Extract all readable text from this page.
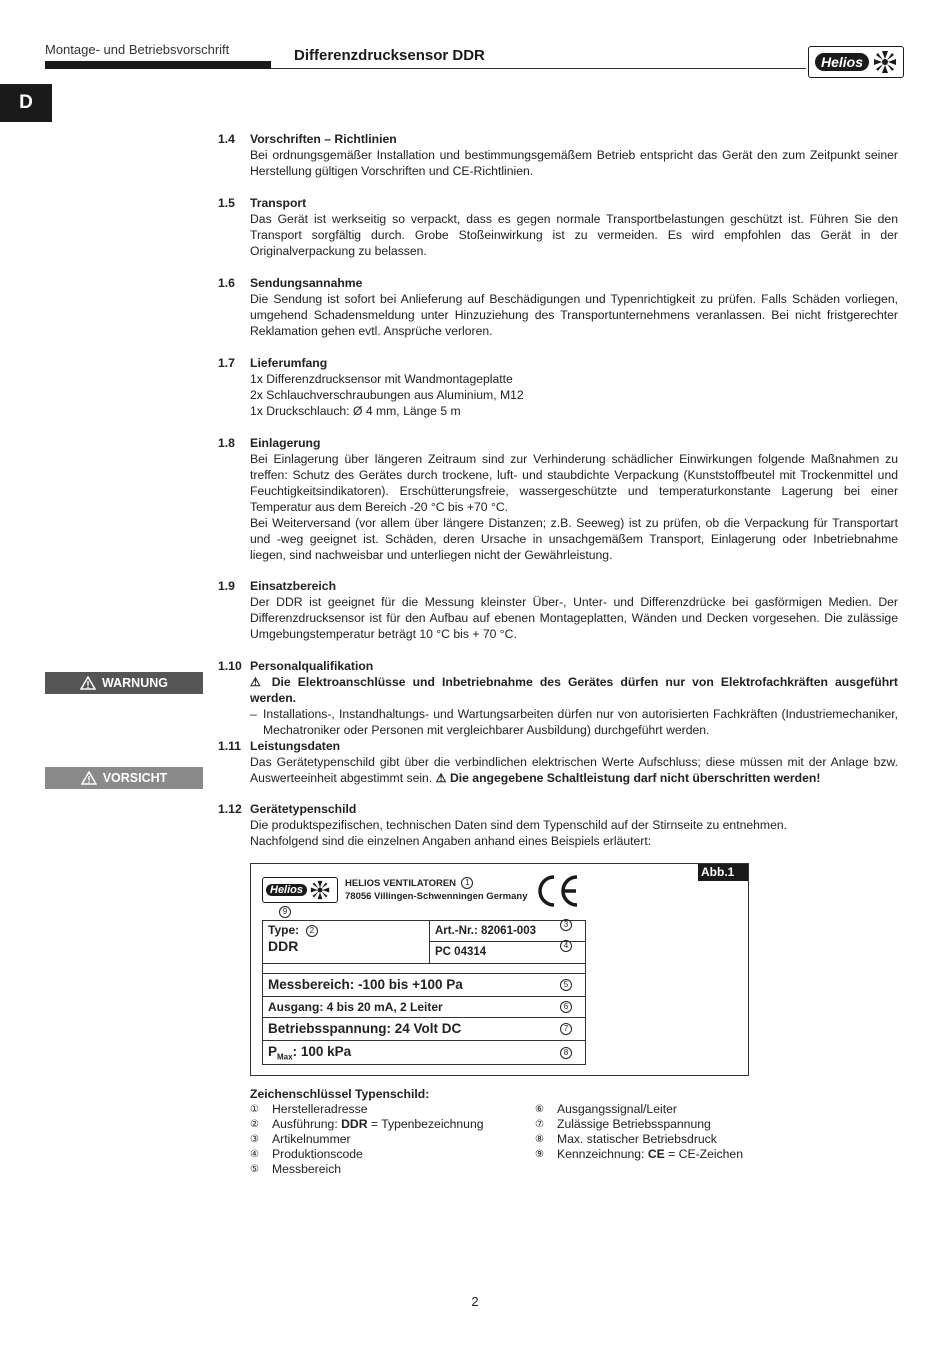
Montage- und Betriebsvorschrift	Differenzdrucksensor DDR	Helios
D
1.4	Vorschriften – Richtlinien

Bei ordnungsgemäßer Installation und bestimmungsgemäßem Betrieb entspricht das Gerät den zum Zeitpunkt seiner Herstellung gültigen Vorschriften und CE-Richtlinien.

1.5	Transport

Das Gerät ist werkseitig so verpackt, dass es gegen normale Transportbelastungen geschützt ist. Führen Sie den Transport sorgfältig durch. Grobe Stoßeinwirkung ist zu vermeiden. Es wird empfohlen das Gerät in der Originalverpackung zu belassen.

1.6	Sendungsannahme

Die Sendung ist sofort bei Anlieferung auf Beschädigungen und Typenrichtigkeit zu prüfen. Falls Schäden vorliegen, umgehend Schadensmeldung unter Hinzuziehung des Transportunternehmens veranlassen. Bei nicht fristgerechter Reklamation gehen evtl. Ansprüche verloren.

1.7	Lieferumfang

1x Differenzdrucksensor mit Wandmontageplatte

2x Schlauchverschraubungen aus Aluminium, M12

1x Druckschlauch: Ø 4 mm, Länge 5 m

1.8	Einlagerung

Bei Einlagerung über längeren Zeitraum sind zur Verhinderung schädlicher Einwirkungen folgende Maßnahmen zu treffen: Schutz des Gerätes durch trockene, luft- und staubdichte Verpackung (Kunststoffbeutel mit Trockenmittel und Feuchtigkeitsindikatoren). Erschütterungsfreie, wassergeschützte und temperaturkonstante Lagerung bei einer Temperatur aus dem Bereich -20 °C bis +70 °C.

Bei Weiterversand (vor allem über längere Distanzen; z.B. Seeweg) ist zu prüfen, ob die Verpackung für Transportart und -weg geeignet ist. Schäden, deren Ursache in unsachgemäßem Transport, Einlagerung oder Inbetriebnahme liegen, sind nachweisbar und unterliegen nicht der Gewährleistung.

1.9	Einsatzbereich

Der DDR ist geeignet für die Messung kleinster Über-, Unter- und Differenzdrücke bei gasförmigen Medien. Der Differenzdrucksensor ist für den Aufbau auf ebenen Montageplatten, Wänden und Decken vorgesehen. Die zulässige Umgebungstemperatur beträgt 10 °C bis + 70 °C.

WARNUNG
1.10 Personalqualifikation

⚠ Die Elektroanschlüsse und Inbetriebnahme des Gerätes dürfen nur von Elektrofachkräften ausgeführt werden.

– Installations-, Instandhaltungs- und Wartungsarbeiten dürfen nur von autorisierten Fachkräften (Industriemechaniker, Mechatroniker oder Personen mit vergleichbarer Ausbildung) durchgeführt werden.
VORSICHT
1.11 Leistungsdaten

Das Gerätetypenschild gibt über die verbindlichen elektrischen Werte Aufschluss; diese müssen mit der Anlage bzw. Auswerteeinheit abgestimmt sein. ⚠ Die angegebene Schaltleistung darf nicht überschritten werden!

1.12 Gerätetypenschild

Die produktspezifischen, technischen Daten sind dem Typenschild auf der Stirnseite zu entnehmen.

Nachfolgend sind die einzelnen Angaben anhand eines Beispiels erläutert:

Abb.1
Helios
HELIOS VENTILATOREN 1
78056 Villingen-Schwenningen Germany
9
Type: 2
DDR
Art.-Nr.: 82061-003
3
PC 04314
4
Messbereich: -100 bis +100 Pa	5
Ausgang: 4 bis 20 mA, 2 Leiter	6
Betriebsspannung: 24 Volt DC	7
$P_{Max}$: 100 kPa	8
Zeichenschlüssel Typenschild:
①	Herstelleradresse
②	Ausführung: DDR = Typenbezeichnung
③	Artikelnummer
④	Produktionscode
⑤	Messbereich
⑥	Ausgangssignal/Leiter
⑦	Zulässige Betriebsspannung
⑧	Max. statischer Betriebsdruck
⑨	Kennzeichnung: CE = CE-Zeichen
2
